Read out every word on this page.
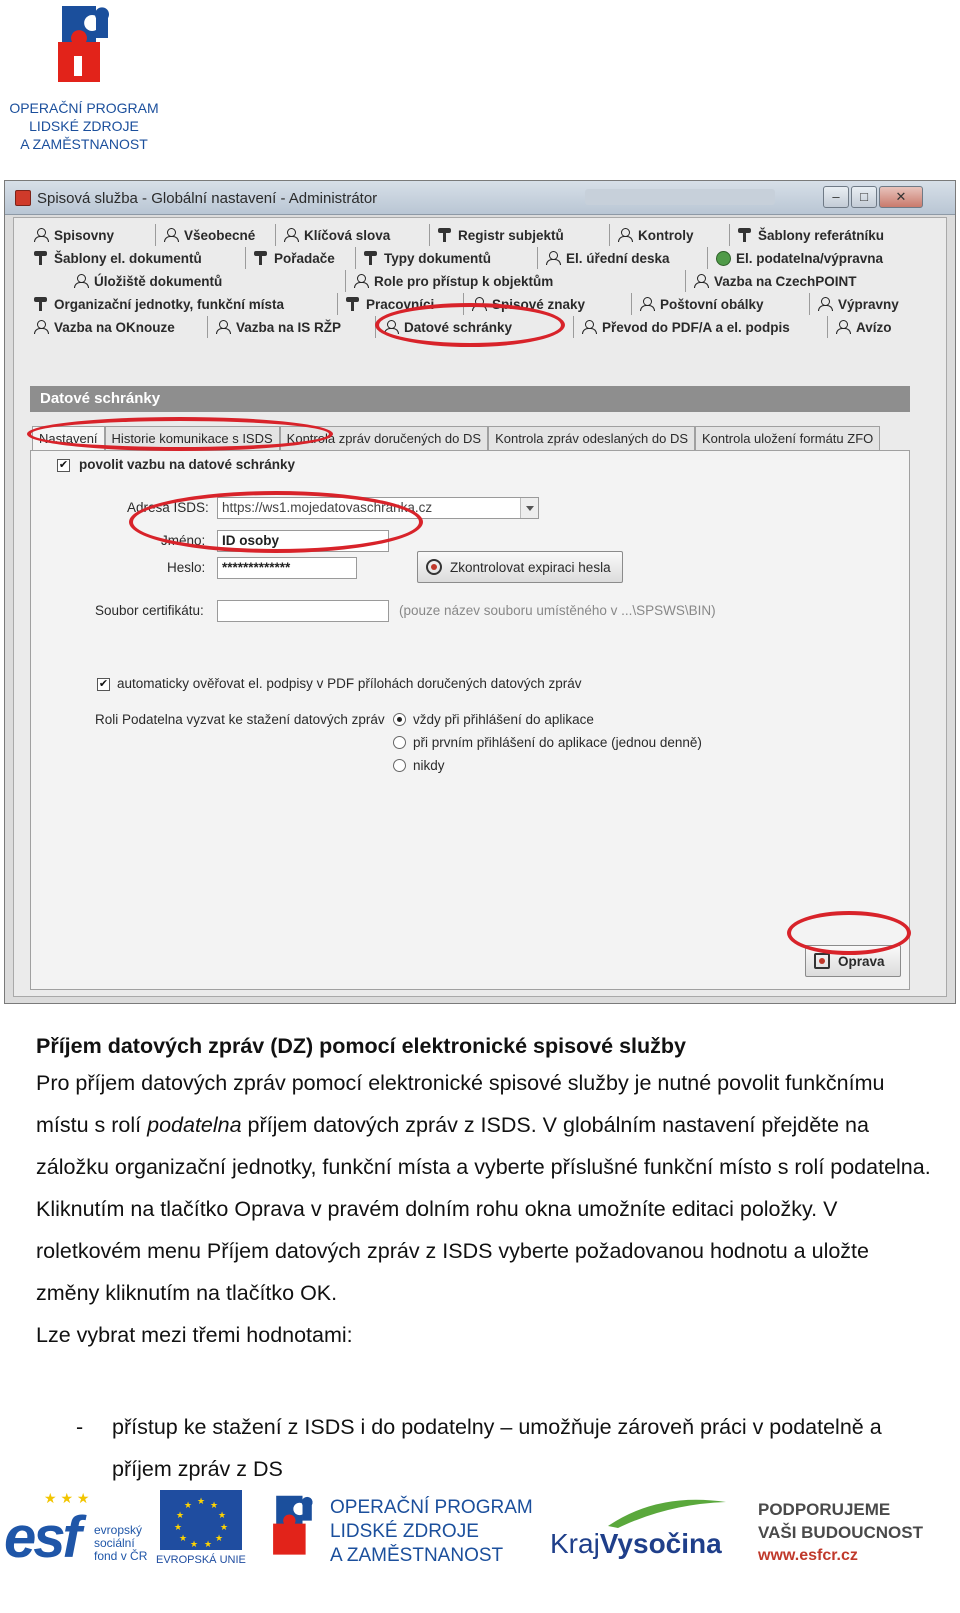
OPERAČNÍ PROGRAM
LIDSKÉ ZDROJE
A ZAMĚSTNANOST
Spisová služba - Globální nastavení - Administrátor	–	□	✕
Spisovny	Všeobecné	Klíčová slova	Registr subjektů	Kontroly	Šablony referátníku
Šablony el. dokumentů	Pořadače	Typy dokumentů	El. úřední deska	El. podatelna/výpravna
Úložiště dokumentů	Role pro přístup k objektům	Vazba na CzechPOINT
Organizační jednotky, funkční místa	Pracovníci	Spisové znaky	Poštovní obálky	Výpravny
Vazba na OKnouze	Vazba na IS RŽP	Datové schránky	Převod do PDF/A a el. podpis	Avízo
Datové schránky
Nastavení	Historie komunikace s ISDS	Kontrola zpráv doručených do DS	Kontrola zpráv odeslaných do DS	Kontrola uložení formátu ZFO
✔ povolit vazbu na datové schránky
Adresa ISDS: https://ws1.mojedatovaschranka.cz
Jméno:	ID osoby
Heslo:	*************	Zkontrolovat expiraci hesla
Soubor certifikátu:	(pouze název souboru umístěného v ...\SPSWS\BIN)
✔ automaticky ověřovat el. podpisy v PDF přílohách doručených datových zpráv
Roli Podatelna vyzvat ke stažení datových zpráv vždy při přihlášení do aplikace
při prvním přihlášení do aplikace (jednou denně)
nikdy
Oprava
Příjem datových zpráv (DZ) pomocí elektronické spisové služby
Pro příjem datových zpráv pomocí elektronické spisové služby je nutné povolit funkčnímu místu s rolí podatelna příjem datových zpráv z ISDS. V globálním nastavení přejděte na záložku organizační jednotky, funkční místa a vyberte příslušné funkční místo s rolí podatelna. Kliknutím na tlačítko Oprava v pravém dolním rohu okna umožníte editaci položky. V roletkovém menu Příjem datových zpráv z ISDS vyberte požadovanou hodnotu a uložte změny kliknutím na tlačítko OK.
Lze vybrat mezi třemi hodnotami:
- přístup ke stažení z ISDS i do podatelny – umožňuje zároveň práci v podatelně a příjem zpráv z DS
★ ★ ★
esf evropský
sociální
fond v ČR
★ ★
★
★
★
★
★
★
★
★
★
EVROPSKÁ UNIE
OPERAČNÍ PROGRAM
LIDSKÉ ZDROJE
A ZAMĚSTNANOST	KrajVysočina
PODPORUJEME
VAŠI BUDOUCNOST
www.esfcr.cz
